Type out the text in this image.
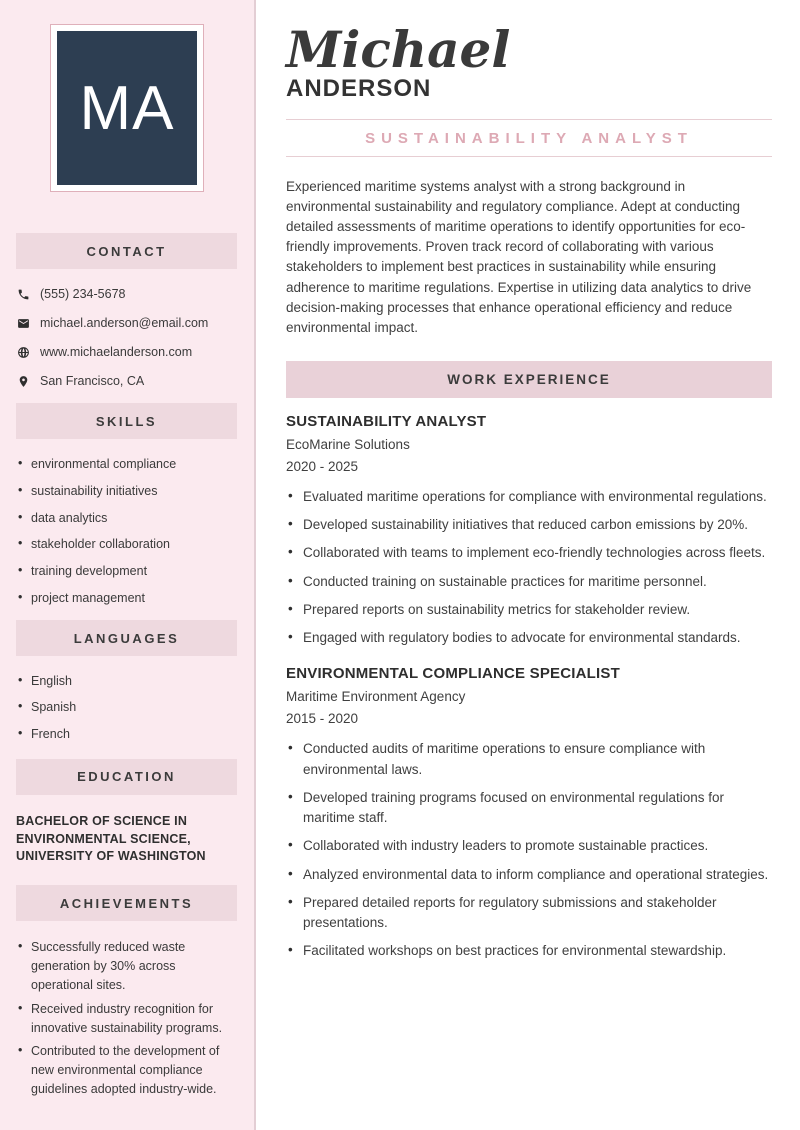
MA
CONTACT
(555) 234-5678
michael.anderson@email.com
www.michaelanderson.com
San Francisco, CA
SKILLS
• environmental compliance
• sustainability initiatives
• data analytics
• stakeholder collaboration
• training development
• project management
LANGUAGES
• English
• Spanish
• French
EDUCATION
BACHELOR OF SCIENCE IN ENVIRONMENTAL SCIENCE, UNIVERSITY OF WASHINGTON
ACHIEVEMENTS
• Successfully reduced waste generation by 30% across operational sites.
• Received industry recognition for innovative sustainability programs.
• Contributed to the development of new environmental compliance guidelines adopted industry-wide.
Michael
ANDERSON
SUSTAINABILITY ANALYST

Experienced maritime systems analyst with a strong background in environmental sustainability and regulatory compliance. Adept at conducting detailed assessments of maritime operations to identify opportunities for eco-friendly improvements. Proven track record of collaborating with various stakeholders to implement best practices in sustainability while ensuring adherence to maritime regulations. Expertise in utilizing data analytics to drive decision-making processes that enhance operational efficiency and reduce environmental impact.

WORK EXPERIENCE
SUSTAINABILITY ANALYST
EcoMarine Solutions
2020 - 2025
• Evaluated maritime operations for compliance with environmental regulations.
• Developed sustainability initiatives that reduced carbon emissions by 20%.
• Collaborated with teams to implement eco-friendly technologies across fleets.
• Conducted training on sustainable practices for maritime personnel.
• Prepared reports on sustainability metrics for stakeholder review.
• Engaged with regulatory bodies to advocate for environmental standards.
ENVIRONMENTAL COMPLIANCE SPECIALIST
Maritime Environment Agency
2015 - 2020
• Conducted audits of maritime operations to ensure compliance with environmental laws.
• Developed training programs focused on environmental regulations for maritime staff.
• Collaborated with industry leaders to promote sustainable practices.
• Analyzed environmental data to inform compliance and operational strategies.
• Prepared detailed reports for regulatory submissions and stakeholder presentations.
• Facilitated workshops on best practices for environmental stewardship.
